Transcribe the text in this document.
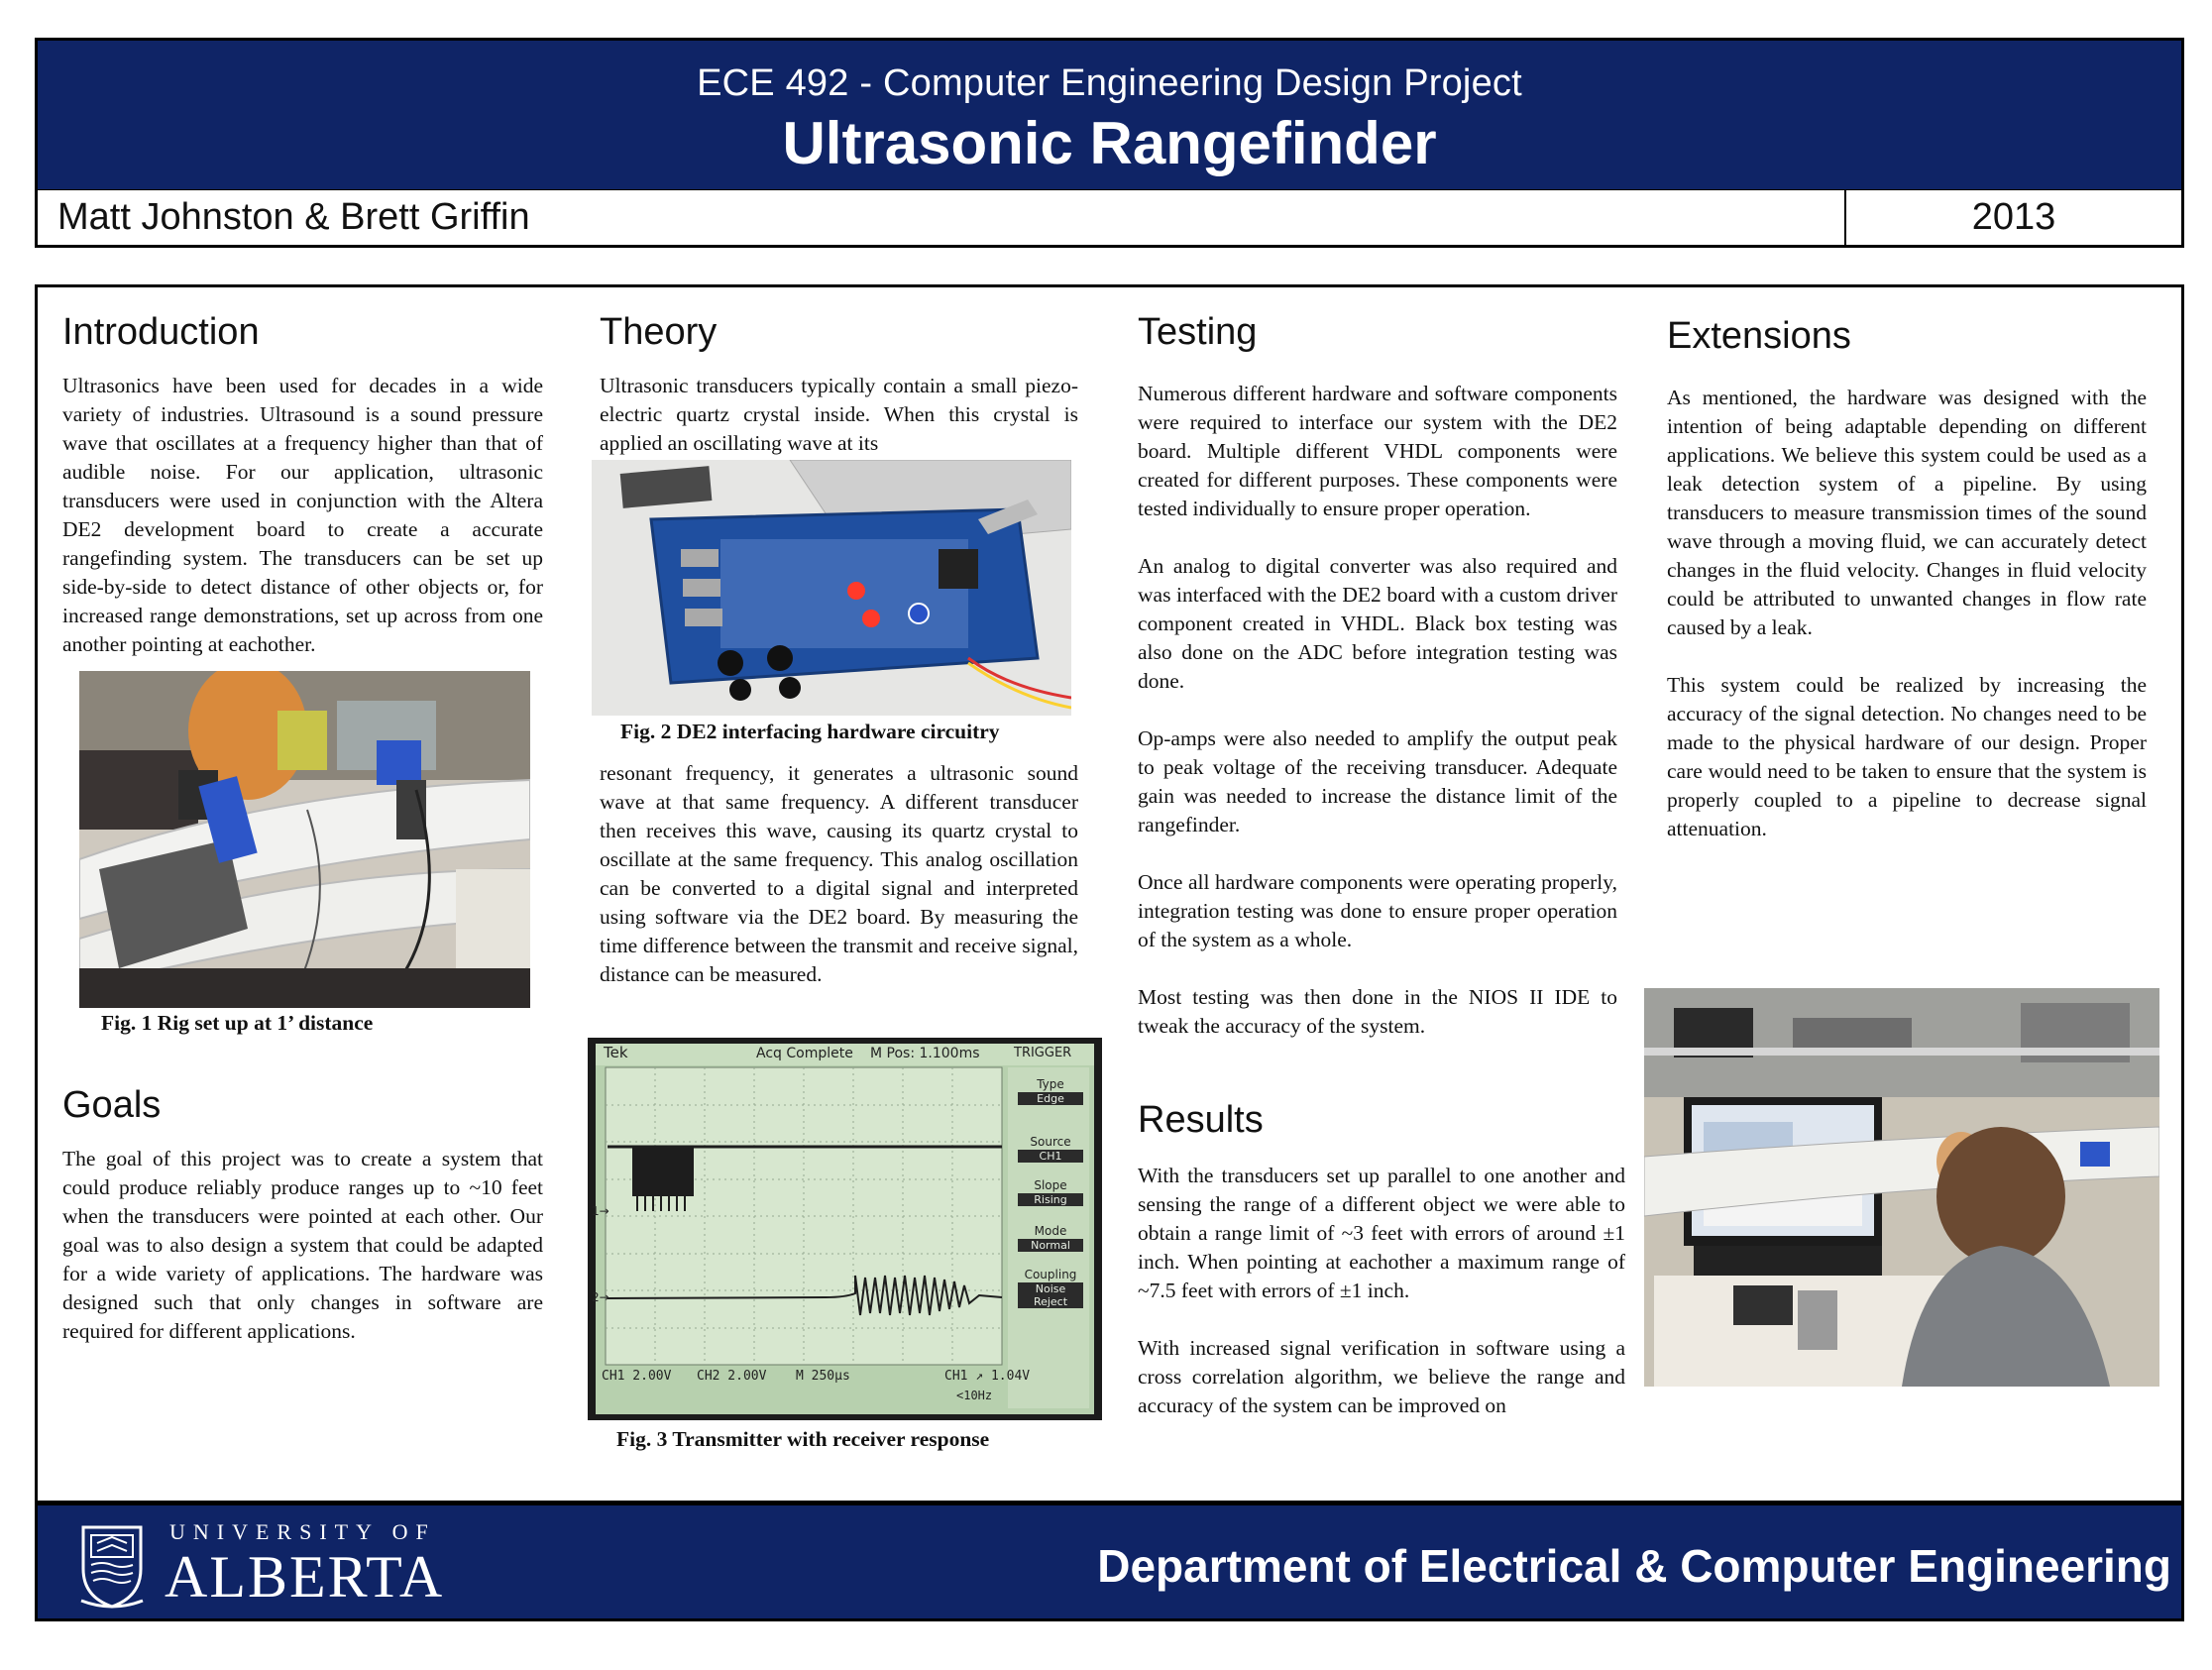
ECE 492 - Computer Engineering Design Project
Ultrasonic Rangefinder
Matt Johnston & Brett Griffin	2013
Introduction
Ultrasonics have been used for decades in a wide variety of industries. Ultrasound is a sound pressure wave that oscillates at a frequency higher than that of audible noise. For our application, ultrasonic transducers were used in conjunction with the Altera DE2 development board to create a accurate rangefinding system. The transducers can be set up side-by-side to detect distance of other objects or, for increased range demonstrations, set up across from one another pointing at eachother.
Fig. 1 Rig set up at 1’ distance
Goals
The goal of this project was to create a system that could produce reliably produce ranges up to ~10 feet when the transducers were pointed at each other. Our goal was to also design a system that could be adapted for a wide variety of applications. The hardware was designed such that only changes in software are required for different applications.
Theory
Ultrasonic transducers typically contain a small piezo-electric quartz crystal inside. When this crystal is applied an oscillating wave at its
Fig. 2 DE2 interfacing hardware circuitry
resonant frequency, it generates a ultrasonic sound wave at that same frequency. A different transducer then receives this wave, causing its quartz crystal to oscillate at the same frequency. This analog oscillation can be converted to a digital signal and interpreted using software via the DE2 board. By measuring the time difference between the transmit and receive signal, distance can be measured.
Tek	Acq Complete M Pos: 1.100ms	TRIGGER
Type
Edge
Source
CH1
Slope
Rising
Mode
Normal
Coupling
Noise Reject
1→
2→
CH1 2.00V CH2 2.00V M 250µs	CH1 ↗ 1.04V
<10Hz
Fig. 3 Transmitter with receiver response
Testing
Numerous different hardware and software components were required to interface our system with the DE2 board. Multiple different VHDL components were created for different purposes. These components were tested individually to ensure proper operation.
An analog to digital converter was also required and was interfaced with the DE2 board with a custom driver component created in VHDL. Black box testing was also done on the ADC before integration testing was done.
Op-amps were also needed to amplify the output peak to peak voltage of the receiving transducer. Adequate gain was needed to increase the distance limit of the rangefinder.
Once all hardware components were operating properly, integration testing was done to ensure proper operation of the system as a whole.
Most testing was then done in the NIOS II IDE to tweak the accuracy of the system.
Results
With the transducers set up parallel to one another and sensing the range of a different object we were able to obtain a range limit of ~3 feet with errors of around ±1 inch. When pointing at eachother a maximum range of ~7.5 feet with errors of ±1 inch.
With increased signal verification in software using a cross correlation algorithm, we believe the range and accuracy of the system can be improved on
Extensions
As mentioned, the hardware was designed with the intention of being adaptable depending on different applications. We believe this system could be used as a leak detection system of a pipeline. By using transducers to measure transmission times of the sound wave through a moving fluid, we can accurately detect changes in the fluid velocity. Changes in fluid velocity could be attributed to unwanted changes in flow rate caused by a leak.
This system could be realized by increasing the accuracy of the signal detection. No changes need to be made to the physical hardware of our design. Proper care would need to be taken to ensure that the system is properly coupled to a pipeline to decrease signal attenuation.
UNIVERSITY OF
ALBERTA	Department of Electrical & Computer Engineering
